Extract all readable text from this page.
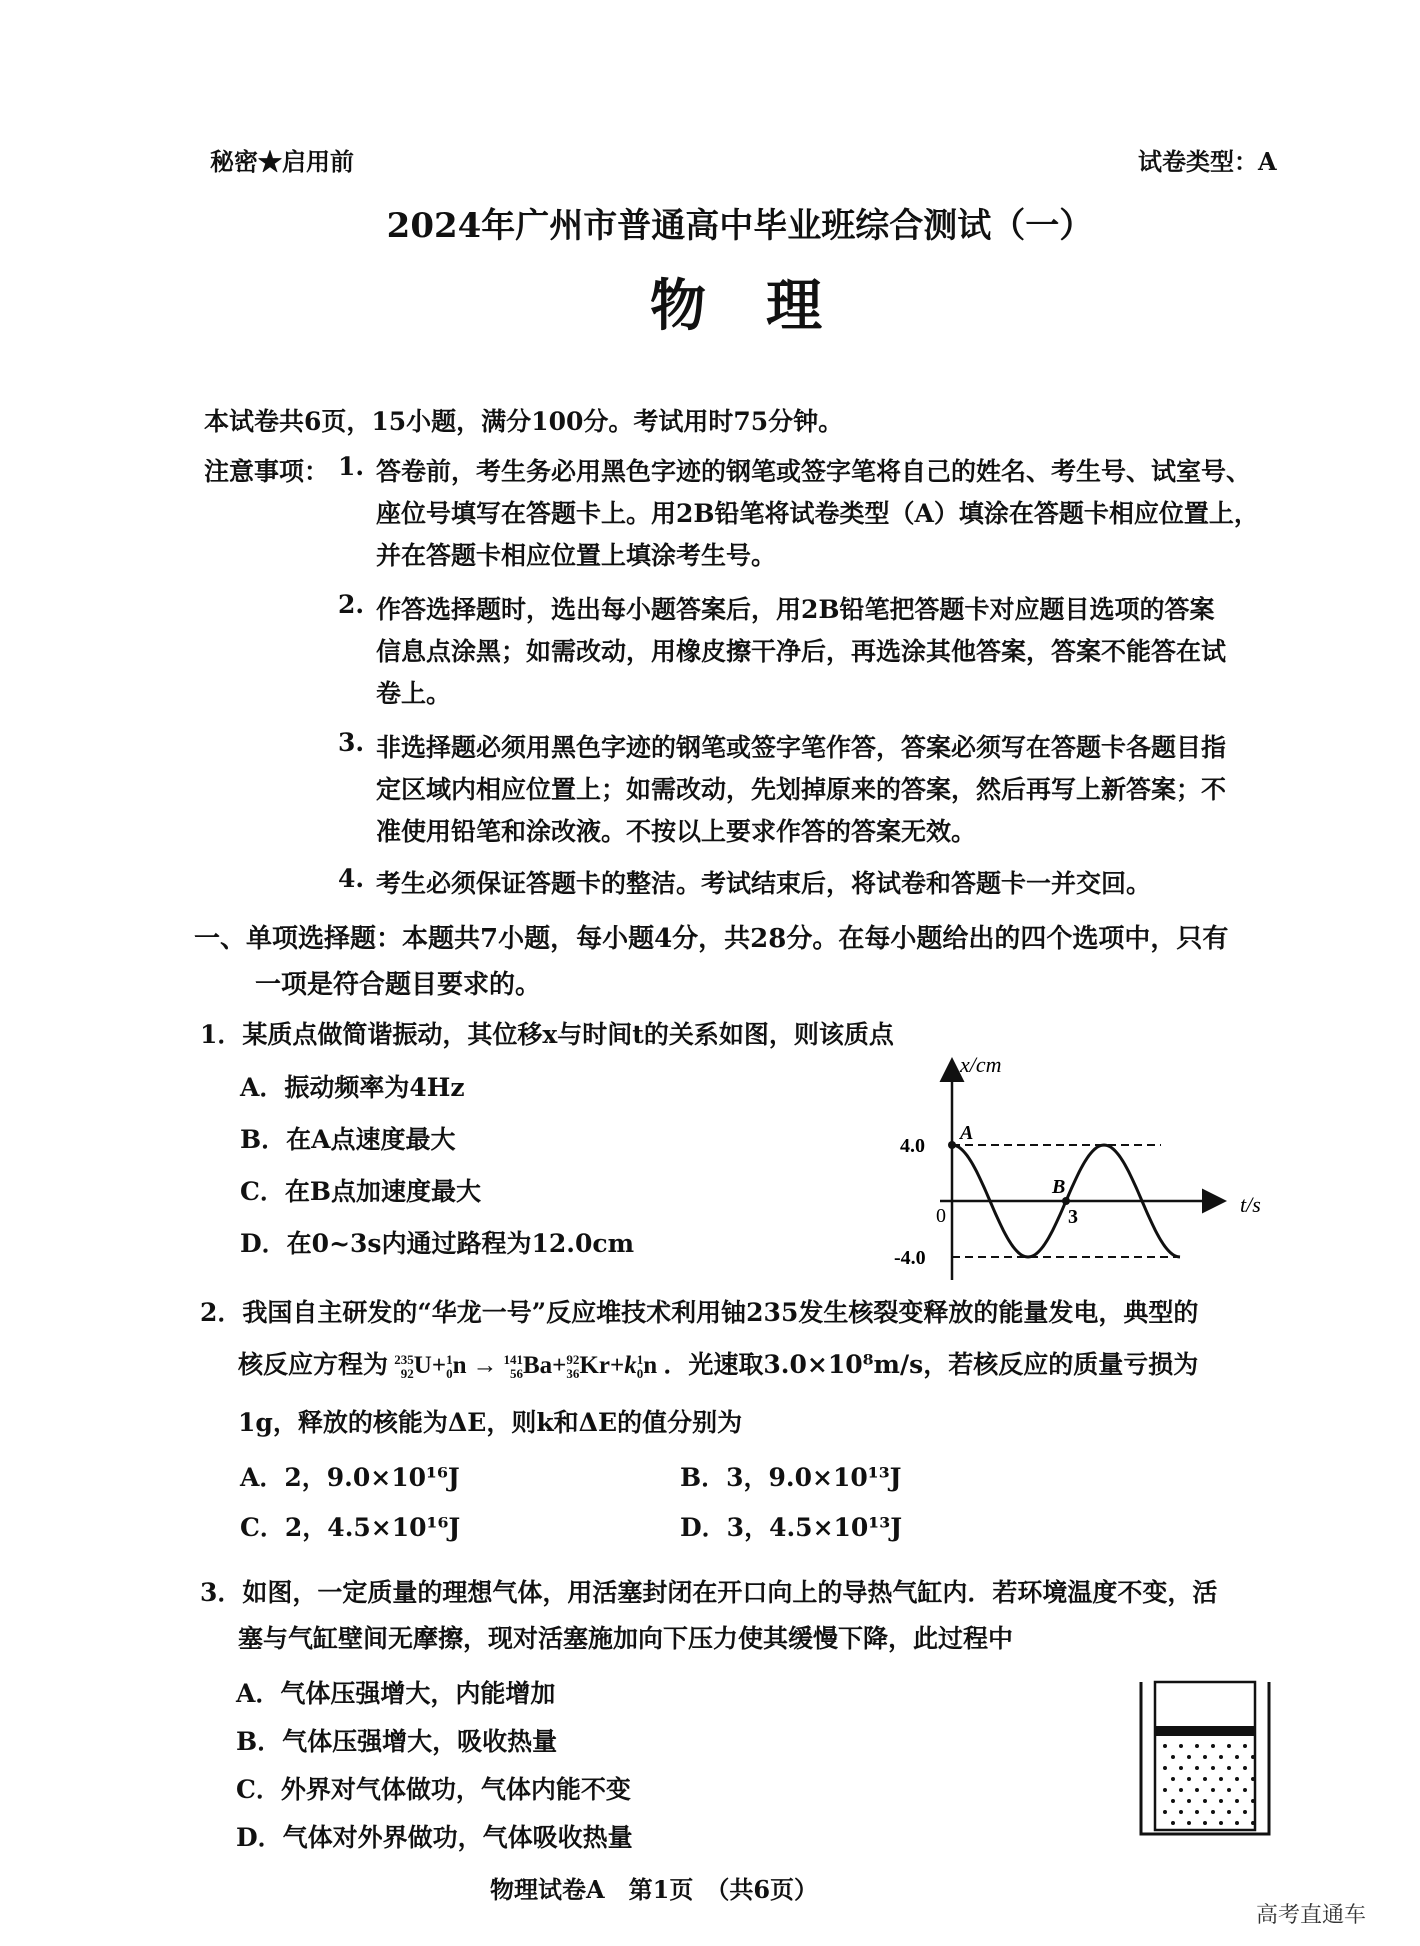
秘密★启用前	试卷类型：A
2024年广州市普通高中毕业班综合测试（一）
物理
本试卷共6页，15小题，满分100分。考试用时75分钟。
注意事项： 1. 答卷前，考生务必用黑色字迹的钢笔或签字笔将自己的姓名、考生号、试室号、
座位号填写在答题卡上。用2B铅笔将试卷类型（A）填涂在答题卡相应位置上，
并在答题卡相应位置上填涂考生号。
2. 作答选择题时，选出每小题答案后，用2B铅笔把答题卡对应题目选项的答案
信息点涂黑；如需改动，用橡皮擦干净后，再选涂其他答案，答案不能答在试
卷上。
3. 非选择题必须用黑色字迹的钢笔或签字笔作答，答案必须写在答题卡各题目指
定区域内相应位置上；如需改动，先划掉原来的答案，然后再写上新答案；不
准使用铅笔和涂改液。不按以上要求作答的答案无效。
4. 考生必须保证答题卡的整洁。考试结束后，将试卷和答题卡一并交回。
一、单项选择题：本题共7小题，每小题4分，共28分。在每小题给出的四个选项中，只有
一项是符合题目要求的。
1．某质点做简谐振动，其位移x与时间t的关系如图，则该质点
A．振动频率为4Hz
B．在A点速度最大
C．在B点加速度最大
D．在0~3s内通过路程为12.0cm
x/cm
t/s
0
4.0
-4.0
A
B
3
2．我国自主研发的“华龙一号”反应堆技术利用铀235发生核裂变释放的能量发电，典型的
核反应方程为 235
92 U+ 1
0 n → 141
56 Ba+ 92
36 Kr+k 1
0 n ．光速取3.0×10⁸m/s，若核反应的质量亏损为
1g，释放的核能为ΔE，则k和ΔE的值分别为
A．2，9.0×10¹⁶J	B．3，9.0×10¹³J
C．2，4.5×10¹⁶J	D．3，4.5×10¹³J
3．如图，一定质量的理想气体，用活塞封闭在开口向上的导热气缸内．若环境温度不变，活
塞与气缸壁间无摩擦，现对活塞施加向下压力使其缓慢下降，此过程中
A．气体压强增大，内能增加
B．气体压强增大，吸收热量
C．外界对气体做功，气体内能不变
D．气体对外界做功，气体吸收热量
物理试卷A　第1页　（共6页）
高考直通车
